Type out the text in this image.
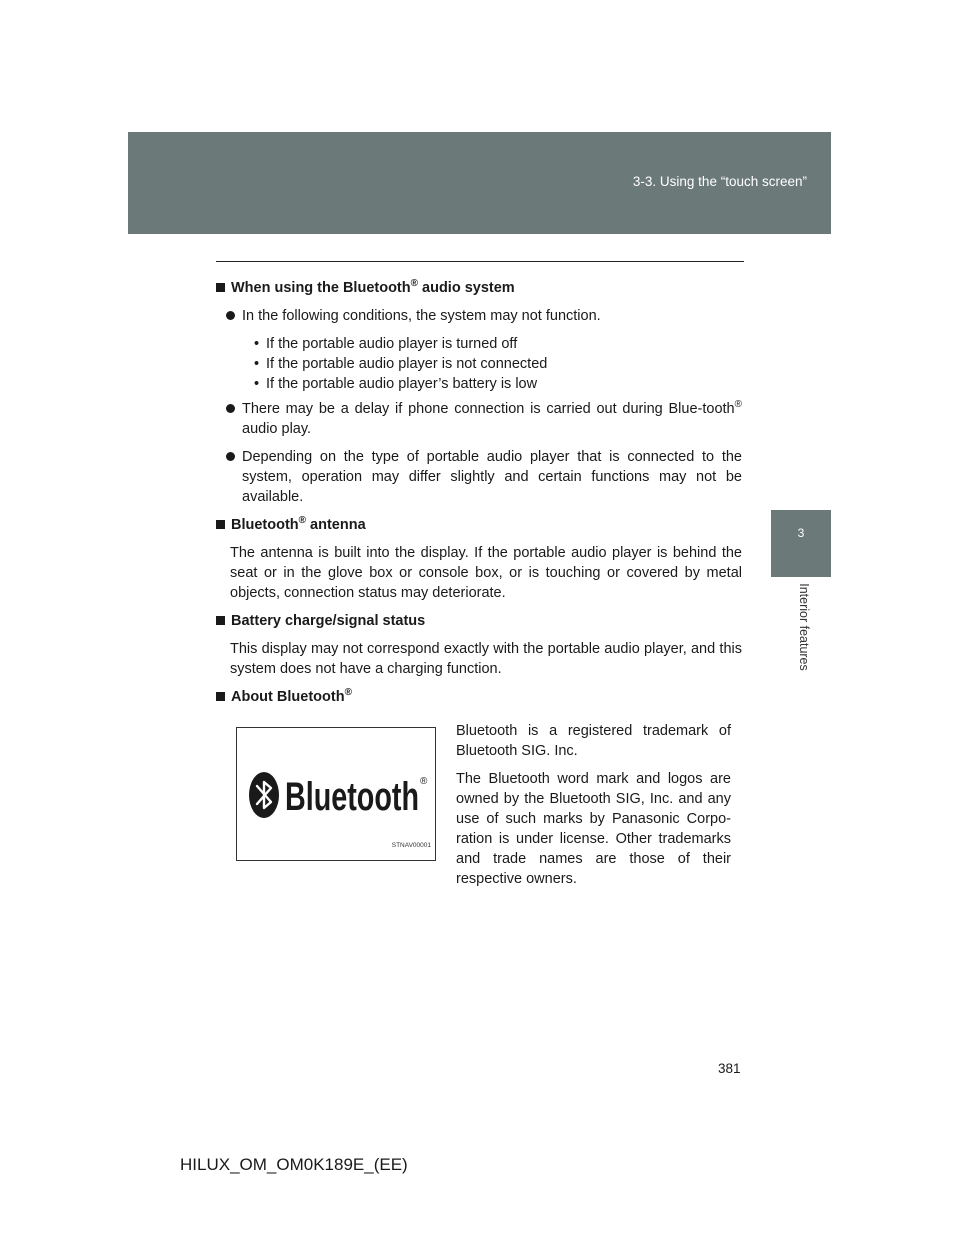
3-3. Using the “touch screen”
3
Interior features
When using the Bluetooth® audio system
In the following conditions, the system may not function.
• If the portable audio player is turned off
• If the portable audio player is not connected
• If the portable audio player’s battery is low
There may be a delay if phone connection is carried out during Blue-tooth® audio play.
Depending on the type of portable audio player that is connected to the system, operation may differ slightly and certain functions may not be available.
Bluetooth® antenna
The antenna is built into the display. If the portable audio player is behind the seat or in the glove box or console box, or is touching or covered by metal objects, connection status may deteriorate.
Battery charge/signal status
This display may not correspond exactly with the portable audio player, and this system does not have a charging function.
About Bluetooth®
Bluetooth ®
STNAV00001

Bluetooth is a registered trademark of Bluetooth SIG. Inc.

The Bluetooth word mark and logos are owned by the Bluetooth SIG, Inc. and any use of such marks by Panasonic Corpo-ration is under license. Other trademarks and trade names are those of their respective owners.

381
HILUX_OM_OM0K189E_(EE)
